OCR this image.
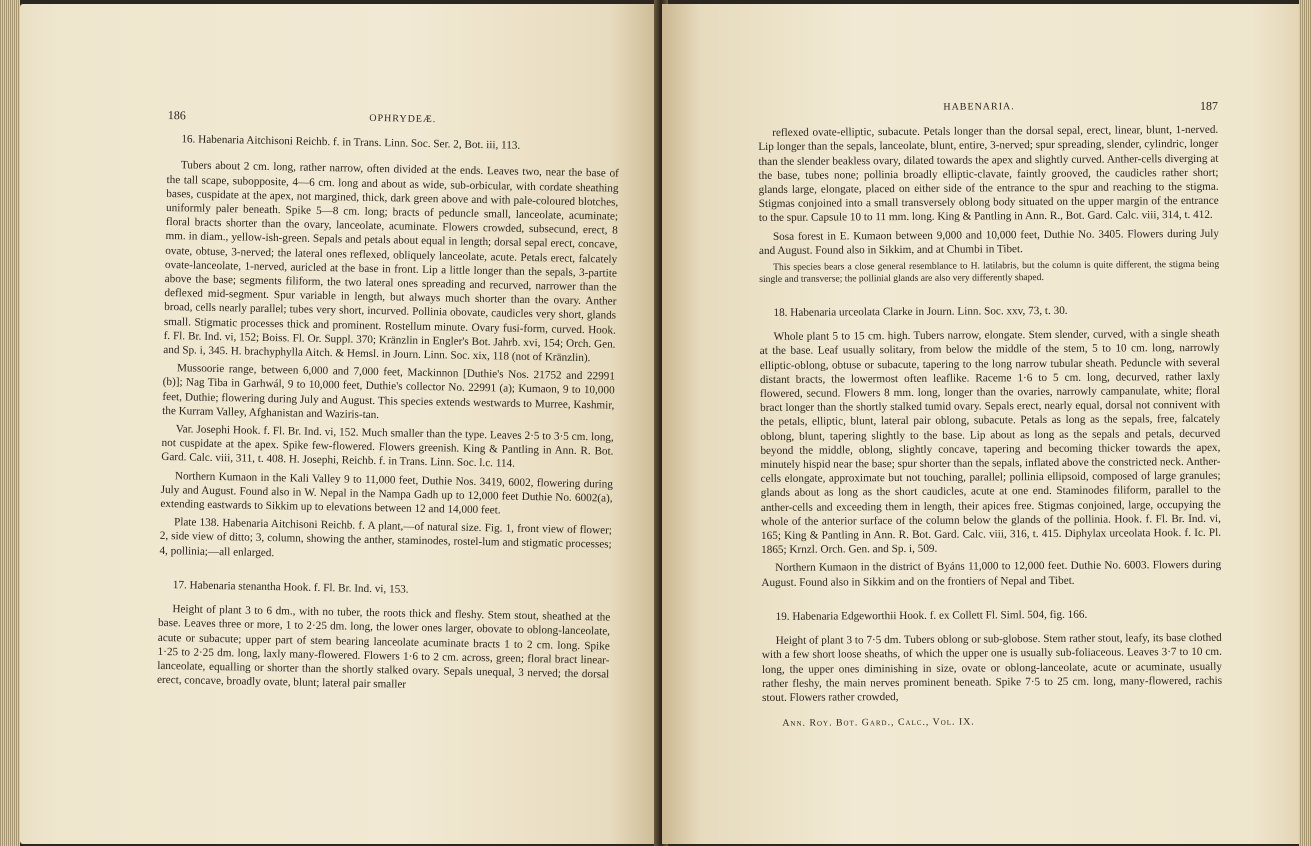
186	OPHRYDEÆ.

16. Habenaria Aitchisoni Reichb. f. in Trans. Linn. Soc. Ser. 2, Bot. iii, 113.

Tubers about 2 cm. long, rather narrow, often divided at the ends. Leaves two, near the base of the tall scape, subopposite, 4—6 cm. long and about as wide, sub-orbicular, with cordate sheathing bases, cuspidate at the apex, not margined, thick, dark green above and with pale-coloured blotches, uniformly paler beneath. Spike 5—8 cm. long; bracts of peduncle small, lanceolate, acuminate; floral bracts shorter than the ovary, lanceolate, acuminate. Flowers crowded, subsecund, erect, 8 mm. in diam., yellow-ish-green. Sepals and petals about equal in length; dorsal sepal erect, concave, ovate, obtuse, 3-nerved; the lateral ones reflexed, obliquely lanceolate, acute. Petals erect, falcately ovate-lanceolate, 1-nerved, auricled at the base in front. Lip a little longer than the sepals, 3-partite above the base; segments filiform, the two lateral ones spreading and recurved, narrower than the deflexed mid-segment. Spur variable in length, but always much shorter than the ovary. Anther broad, cells nearly parallel; tubes very short, incurved. Pollinia obovate, caudicles very short, glands small. Stigmatic processes thick and prominent. Rostellum minute. Ovary fusi-form, curved. Hook. f. Fl. Br. Ind. vi, 152; Boiss. Fl. Or. Suppl. 370; Kränzlin in Engler's Bot. Jahrb. xvi, 154; Orch. Gen. and Sp. i, 345. H. brachyphylla Aitch. & Hemsl. in Journ. Linn. Soc. xix, 118 (not of Kränzlin).

Mussoorie range, between 6,000 and 7,000 feet, Mackinnon [Duthie's Nos. 21752 and 22991 (b)]; Nag Tiba in Garhwál, 9 to 10,000 feet, Duthie's collector No. 22991 (a); Kumaon, 9 to 10,000 feet, Duthie; flowering during July and August. This species extends westwards to Murree, Kashmir, the Kurram Valley, Afghanistan and Waziris-tan.

Var. Josephi Hook. f. Fl. Br. Ind. vi, 152. Much smaller than the type. Leaves 2·5 to 3·5 cm. long, not cuspidate at the apex. Spike few-flowered. Flowers greenish. King & Pantling in Ann. R. Bot. Gard. Calc. viii, 311, t. 408. H. Josephi, Reichb. f. in Trans. Linn. Soc. l.c. 114.

Northern Kumaon in the Kali Valley 9 to 11,000 feet, Duthie Nos. 3419, 6002, flowering during July and August. Found also in W. Nepal in the Nampa Gadh up to 12,000 feet Duthie No. 6002(a), extending eastwards to Sikkim up to elevations between 12 and 14,000 feet.

Plate 138. Habenaria Aitchisoni Reichb. f. A plant,—of natural size. Fig. 1, front view of flower; 2, side view of ditto; 3, column, showing the anther, staminodes, rostel-lum and stigmatic processes; 4, pollinia;—all enlarged.

17. Habenaria stenantha Hook. f. Fl. Br. Ind. vi, 153.

Height of plant 3 to 6 dm., with no tuber, the roots thick and fleshy. Stem stout, sheathed at the base. Leaves three or more, 1 to 2·25 dm. long, the lower ones larger, obovate to oblong-lanceolate, acute or subacute; upper part of stem bearing lanceolate acuminate bracts 1 to 2 cm. long. Spike 1·25 to 2·25 dm. long, laxly many-flowered. Flowers 1·6 to 2 cm. across, green; floral bract linear-lanceolate, equalling or shorter than the shortly stalked ovary. Sepals unequal, 3 nerved; the dorsal erect, concave, broadly ovate, blunt; lateral pair smaller

HABENARIA.	187

reflexed ovate-elliptic, subacute. Petals longer than the dorsal sepal, erect, linear, blunt, 1-nerved. Lip longer than the sepals, lanceolate, blunt, entire, 3-nerved; spur spreading, slender, cylindric, longer than the slender beakless ovary, dilated towards the apex and slightly curved. Anther-cells diverging at the base, tubes none; pollinia broadly elliptic-clavate, faintly grooved, the caudicles rather short; glands large, elongate, placed on either side of the entrance to the spur and reaching to the stigma. Stigmas conjoined into a small transversely oblong body situated on the upper margin of the entrance to the spur. Capsule 10 to 11 mm. long. King & Pantling in Ann. R., Bot. Gard. Calc. viii, 314, t. 412.

Sosa forest in E. Kumaon between 9,000 and 10,000 feet, Duthie No. 3405. Flowers during July and August. Found also in Sikkim, and at Chumbi in Tibet.

This species bears a close general resemblance to H. latilabris, but the column is quite different, the stigma being single and transverse; the pollinial glands are also very differently shaped.

18. Habenaria urceolata Clarke in Journ. Linn. Soc. xxv, 73, t. 30.

Whole plant 5 to 15 cm. high. Tubers narrow, elongate. Stem slender, curved, with a single sheath at the base. Leaf usually solitary, from below the middle of the stem, 5 to 10 cm. long, narrowly elliptic-oblong, obtuse or subacute, tapering to the long narrow tubular sheath. Peduncle with several distant bracts, the lowermost often leaflike. Raceme 1·6 to 5 cm. long, decurved, rather laxly flowered, secund. Flowers 8 mm. long, longer than the ovaries, narrowly campanulate, white; floral bract longer than the shortly stalked tumid ovary. Sepals erect, nearly equal, dorsal not connivent with the petals, elliptic, blunt, lateral pair oblong, subacute. Petals as long as the sepals, free, falcately oblong, blunt, tapering slightly to the base. Lip about as long as the sepals and petals, decurved beyond the middle, oblong, slightly concave, tapering and becoming thicker towards the apex, minutely hispid near the base; spur shorter than the sepals, inflated above the constricted neck. Anther-cells elongate, approximate but not touching, parallel; pollinia ellipsoid, composed of large granules; glands about as long as the short caudicles, acute at one end. Staminodes filiform, parallel to the anther-cells and exceeding them in length, their apices free. Stigmas conjoined, large, occupying the whole of the anterior surface of the column below the glands of the pollinia. Hook. f. Fl. Br. Ind. vi, 165; King & Pantling in Ann. R. Bot. Gard. Calc. viii, 316, t. 415. Diphylax urceolata Hook. f. Ic. Pl. 1865; Krnzl. Orch. Gen. and Sp. i, 509.

Northern Kumaon in the district of Byáns 11,000 to 12,000 feet. Duthie No. 6003. Flowers during August. Found also in Sikkim and on the frontiers of Nepal and Tibet.

19. Habenaria Edgeworthii Hook. f. ex Collett Fl. Siml. 504, fig. 166.

Height of plant 3 to 7·5 dm. Tubers oblong or sub-globose. Stem rather stout, leafy, its base clothed with a few short loose sheaths, of which the upper one is usually sub-foliaceous. Leaves 3·7 to 10 cm. long, the upper ones diminishing in size, ovate or oblong-lanceolate, acute or acuminate, usually rather fleshy, the main nerves prominent beneath. Spike 7·5 to 25 cm. long, many-flowered, rachis stout. Flowers rather crowded,

Ann. Roy. Bot. Gard., Calc., Vol. IX.
